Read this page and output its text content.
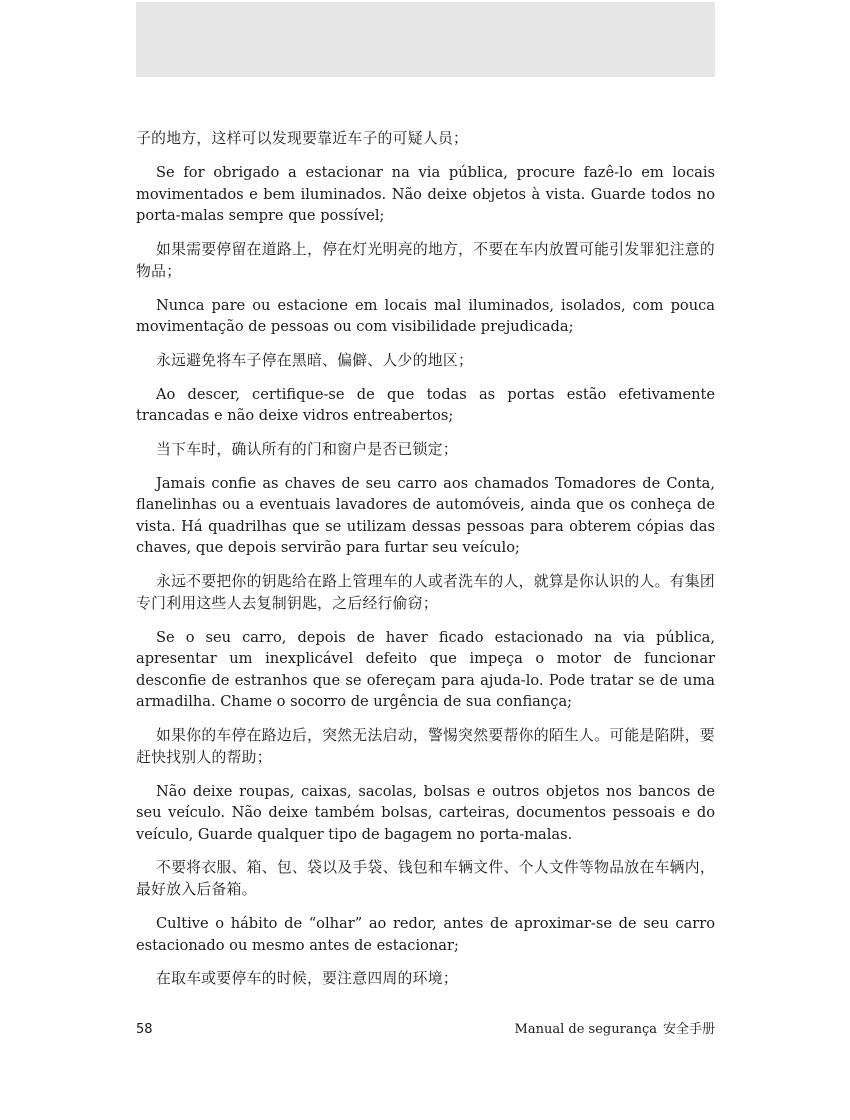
子的地方，这样可以发现要靠近车子的可疑人员；

Se for obrigado a estacionar na via pública, procure fazê-lo em locais movimentados e bem iluminados. Não deixe objetos à vista. Guarde todos no porta-malas sempre que possível;

如果需要停留在道路上，停在灯光明亮的地方，不要在车内放置可能引发罪犯注意的物品；

Nunca pare ou estacione em locais mal iluminados, isolados, com pouca movimentação de pessoas ou com visibilidade prejudicada;

永远避免将车子停在黑暗、偏僻、人少的地区；

Ao descer, certifique-se de que todas as portas estão efetivamente trancadas e não deixe vidros entreabertos;

当下车时，确认所有的门和窗户是否已锁定；

Jamais confie as chaves de seu carro aos chamados Tomadores de Conta, flanelinhas ou a eventuais lavadores de automóveis, ainda que os conheça de vista. Há quadrilhas que se utilizam dessas pessoas para obterem cópias das chaves, que depois servirão para furtar seu veículo;

永远不要把你的钥匙给在路上管理车的人或者洗车的人，就算是你认识的人。有集团专门利用这些人去复制钥匙，之后经行偷窃；

Se o seu carro, depois de haver ficado estacionado na via pública, apresentar um inexplicável defeito que impeça o motor de funcionar desconfie de estranhos que se ofereçam para ajuda-lo. Pode tratar se de uma armadilha. Chame o socorro de urgência de sua confiança;

如果你的车停在路边后，突然无法启动，警惕突然要帮你的陌生人。可能是陷阱，要赶快找别人的帮助；

Não deixe roupas, caixas, sacolas, bolsas e outros objetos nos bancos de seu veículo. Não deixe também bolsas, carteiras, documentos pessoais e do veículo, Guarde qualquer tipo de bagagem no porta-malas.

不要将衣服、箱、包、袋以及手袋、钱包和车辆文件、个人文件等物品放在车辆内，最好放入后备箱。

Cultive o hábito de “olhar” ao redor, antes de aproximar-se de seu carro estacionado ou mesmo antes de estacionar;

在取车或要停车的时候，要注意四周的环境；

58	Manual de segurança 安全手册
